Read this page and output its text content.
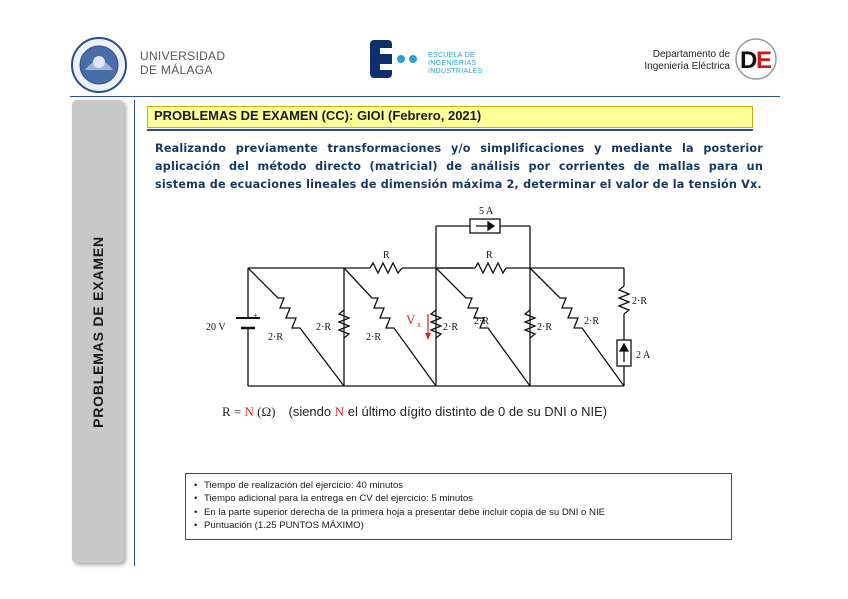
UNIVERSIDAD
DE MÁLAGA
ESCUELA DE
INGENIERÍAS
INDUSTRIALES
Departamento de
Ingeniería Eléctrica D
E
PROBLEMAS DE EXAMEN
PROBLEMAS DE EXAMEN (CC): GIOI (Febrero, 2021)
Realizando previamente transformaciones y/o simplificaciones y mediante la posterior aplicación del método directo (matricial) de análisis por corrientes de mallas para un sistema de ecuaciones lineales de dimensión máxima 2, determinar el valor de la tensión Vx.
20 V
+
R	R
5 A
2·R	2·R
2·R	2·R
2·R	2·R	2·R
V x
2·R
2 A
R = N (Ω) (siendo N el último dígito distinto de 0 de su DNI o NIE)
• Tiempo de realización del ejercicio: 40 minutos
• Tiempo adicional para la entrega en CV del ejercicio: 5 minutos
• En la parte superior derecha de la primera hoja a presentar debe incluir copia de su DNI o NIE
• Puntuación (1.25 PUNTOS MÁXIMO)
